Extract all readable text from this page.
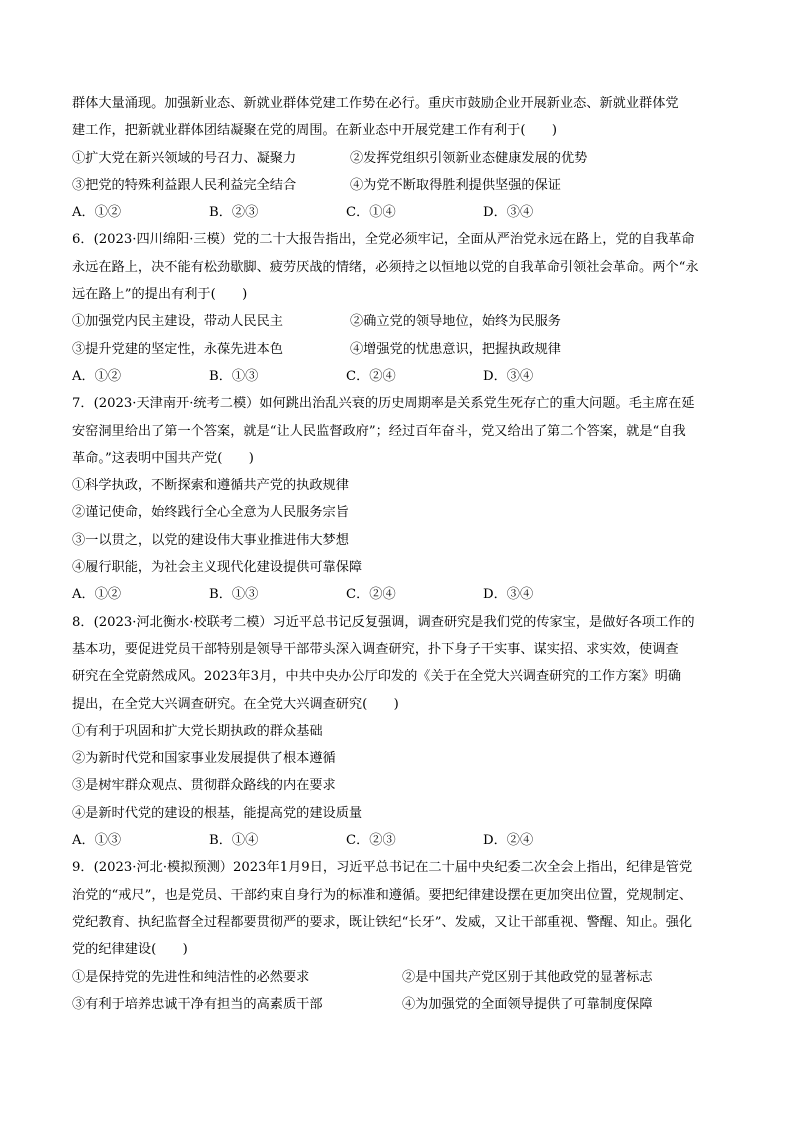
群体大量涌现。加强新业态、新就业群体党建工作势在必行。重庆市鼓励企业开展新业态、新就业群体党
建工作，把新就业群体团结凝聚在党的周围。在新业态中开展党建工作有利于(　　)
①扩大党在新兴领域的号召力、凝聚力	②发挥党组织引领新业态健康发展的优势
③把党的特殊利益跟人民利益完全结合	④为党不断取得胜利提供坚强的保证
A．①②	B．②③	C．①④	D．③④
6．(2023·四川绵阳·三模）党的二十大报告指出，全党必须牢记，全面从严治党永远在路上，党的自我革命
永远在路上，决不能有松劲歇脚、疲劳厌战的情绪，必须持之以恒地以党的自我革命引领社会革命。两个“永
远在路上”的提出有利于(　　)
①加强党内民主建设，带动人民民主	②确立党的领导地位，始终为民服务
③提升党建的坚定性，永葆先进本色	④增强党的忧患意识，把握执政规律
A．①②	B．①③	C．②④	D．③④
7．(2023·天津南开·统考二模）如何跳出治乱兴衰的历史周期率是关系党生死存亡的重大问题。毛主席在延
安窑洞里给出了第一个答案，就是“让人民监督政府”；经过百年奋斗，党又给出了第二个答案，就是“自我
革命。”这表明中国共产党(　　)
①科学执政，不断探索和遵循共产党的执政规律
②谨记使命，始终践行全心全意为人民服务宗旨
③一以贯之，以党的建设伟大事业推进伟大梦想
④履行职能，为社会主义现代化建设提供可靠保障
A．①②	B．①③	C．②④	D．③④
8．(2023·河北衡水·校联考二模）习近平总书记反复强调，调查研究是我们党的传家宝，是做好各项工作的
基本功，要促进党员干部特别是领导干部带头深入调查研究，扑下身子干实事、谋实招、求实效，使调查
研究在全党蔚然成风。2023年3月，中共中央办公厅印发的《关于在全党大兴调查研究的工作方案》明确
提出，在全党大兴调查研究。在全党大兴调查研究(　　)
①有利于巩固和扩大党长期执政的群众基础
②为新时代党和国家事业发展提供了根本遵循
③是树牢群众观点、贯彻群众路线的内在要求
④是新时代党的建设的根基，能提高党的建设质量
A．①③	B．①④	C．②③	D．②④
9．(2023·河北·模拟预测）2023年1月9日，习近平总书记在二十届中央纪委二次全会上指出，纪律是管党
治党的“戒尺”，也是党员、干部约束自身行为的标准和遵循。要把纪律建设摆在更加突出位置，党规制定、
党纪教育、执纪监督全过程都要贯彻严的要求，既让铁纪“长牙”、发威，又让干部重视、警醒、知止。强化
党的纪律建设(　　)
①是保持党的先进性和纯洁性的必然要求	②是中国共产党区别于其他政党的显著标志
③有利于培养忠诚干净有担当的高素质干部	④为加强党的全面领导提供了可靠制度保障
